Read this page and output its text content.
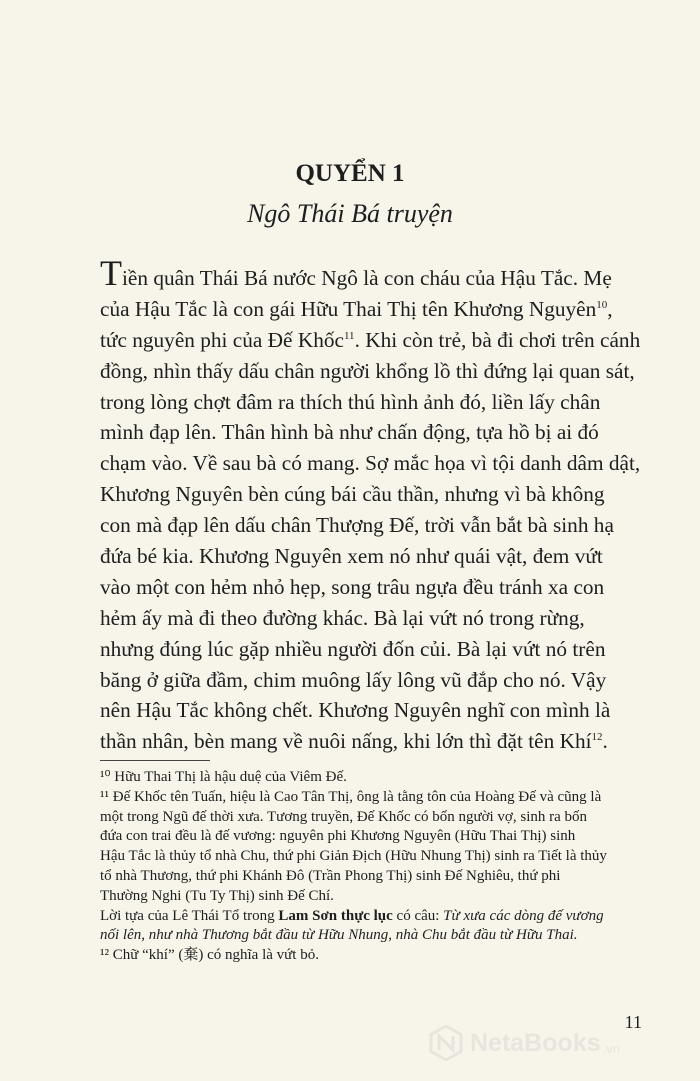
QUYỂN 1
Ngô Thái Bá truyện
Tiền quân Thái Bá nước Ngô là con cháu của Hậu Tắc. Mẹ
của Hậu Tắc là con gái Hữu Thai Thị tên Khương Nguyên$^{10}$,
tức nguyên phi của Đế Khốc$^{11}$. Khi còn trẻ, bà đi chơi trên cánh
đồng, nhìn thấy dấu chân người khổng lồ thì đứng lại quan sát,
trong lòng chợt đâm ra thích thú hình ảnh đó, liền lấy chân
mình đạp lên. Thân hình bà như chấn động, tựa hồ bị ai đó
chạm vào. Về sau bà có mang. Sợ mắc họa vì tội danh dâm dật,
Khương Nguyên bèn cúng bái cầu thần, nhưng vì bà không
con mà đạp lên dấu chân Thượng Đế, trời vẫn bắt bà sinh hạ
đứa bé kia. Khương Nguyên xem nó như quái vật, đem vứt
vào một con hẻm nhỏ hẹp, song trâu ngựa đều tránh xa con
hẻm ấy mà đi theo đường khác. Bà lại vứt nó trong rừng,
nhưng đúng lúc gặp nhiều người đốn củi. Bà lại vứt nó trên
băng ở giữa đầm, chim muông lấy lông vũ đắp cho nó. Vậy
nên Hậu Tắc không chết. Khương Nguyên nghĩ con mình là
thần nhân, bèn mang về nuôi nấng, khi lớn thì đặt tên Khí$^{12}$.
¹⁰ Hữu Thai Thị là hậu duệ của Viêm Đế.
¹¹ Đế Khốc tên Tuấn, hiệu là Cao Tân Thị, ông là tằng tôn của Hoàng Đế và cũng là
một trong Ngũ đế thời xưa. Tương truyền, Đế Khốc có bốn người vợ, sinh ra bốn
đứa con trai đều là đế vương: nguyên phi Khương Nguyên (Hữu Thai Thị) sinh
Hậu Tắc là thủy tổ nhà Chu, thứ phi Giản Địch (Hữu Nhung Thị) sinh ra Tiết là thủy
tổ nhà Thương, thứ phi Khánh Đô (Trần Phong Thị) sinh Đế Nghiêu, thứ phi
Thường Nghi (Tu Ty Thị) sinh Đế Chí.
Lời tựa của Lê Thái Tổ trong Lam Sơn thực lục có câu: Từ xưa các dòng đế vương
nối lên, như nhà Thương bắt đầu từ Hữu Nhung, nhà Chu bắt đầu từ Hữu Thai.
¹² Chữ “khí” (棄) có nghĩa là vứt bỏ.
11
NetaBooks .vn
